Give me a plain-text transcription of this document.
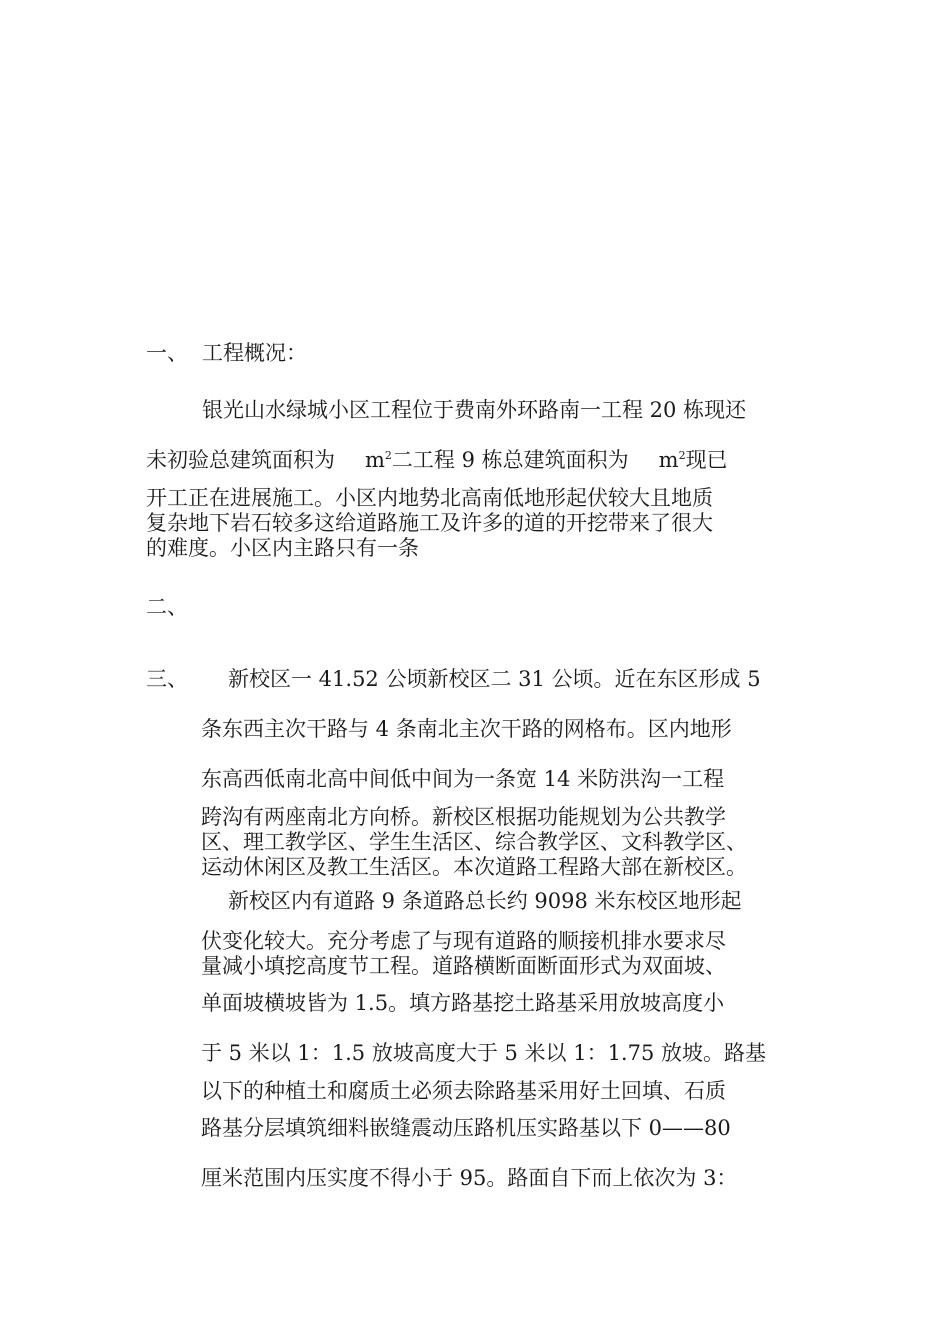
一、 工程概况：
银光山水绿城小区工程位于费南外环路南一工程 20 栋现还
未初验总建筑面积为 $m^2$二工程 9 栋总建筑面积为 $m^2$现已
开工正在进展施工。小区内地势北高南低地形起伏较大且地质
复杂地下岩石较多这给道路施工及许多的道的开挖带来了很大
的难度。小区内主路只有一条
二、
三、 新校区一 41.52 公顷新校区二 31 公顷。近在东区形成 5
条东西主次干路与 4 条南北主次干路的网格布。区内地形
东高西低南北高中间低中间为一条宽 14 米防洪沟一工程
跨沟有两座南北方向桥。新校区根据功能规划为公共教学
区、理工教学区、学生生活区、综合教学区、文科教学区、
运动休闲区及教工生活区。本次道路工程路大部在新校区。
新校区内有道路 9 条道路总长约 9098 米东校区地形起
伏变化较大。充分考虑了与现有道路的顺接机排水要求尽
量减小填挖高度节工程。道路横断面断面形式为双面坡、
单面坡横坡皆为 1.5。填方路基挖土路基采用放坡高度小
于 5 米以 1：1.5 放坡高度大于 5 米以 1：1.75 放坡。路基
以下的种植土和腐质土必须去除路基采用好土回填、石质
路基分层填筑细料嵌缝震动压路机压实路基以下 0——80
厘米范围内压实度不得小于 95。路面自下而上依次为 3：
